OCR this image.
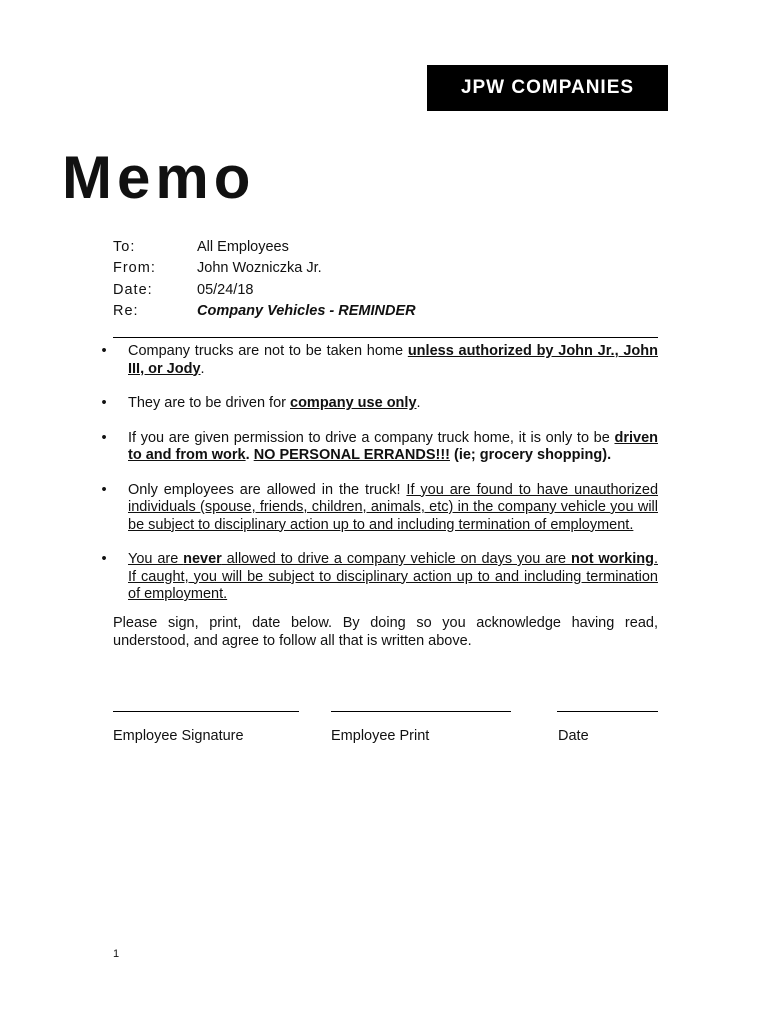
JPW COMPANIES
Memo
To:	All Employees
From:	John Wozniczka Jr.
Date:	05/24/18
Re:	Company Vehicles - REMINDER
• Company trucks are not to be taken home unless authorized by John Jr., John III, or Jody.
• They are to be driven for company use only.
• If you are given permission to drive a company truck home, it is only to be driven to and from work. NO PERSONAL ERRANDS!!! (ie; grocery shopping).
• Only employees are allowed in the truck! If you are found to have unauthorized individuals (spouse, friends, children, animals, etc) in the company vehicle you will be subject to disciplinary action up to and including termination of employment.
• You are never allowed to drive a company vehicle on days you are not working. If caught, you will be subject to disciplinary action up to and including termination of employment.
Please sign, print, date below. By doing so you acknowledge having read, understood, and agree to follow all that is written above.
Employee Signature	Employee Print	Date
1
